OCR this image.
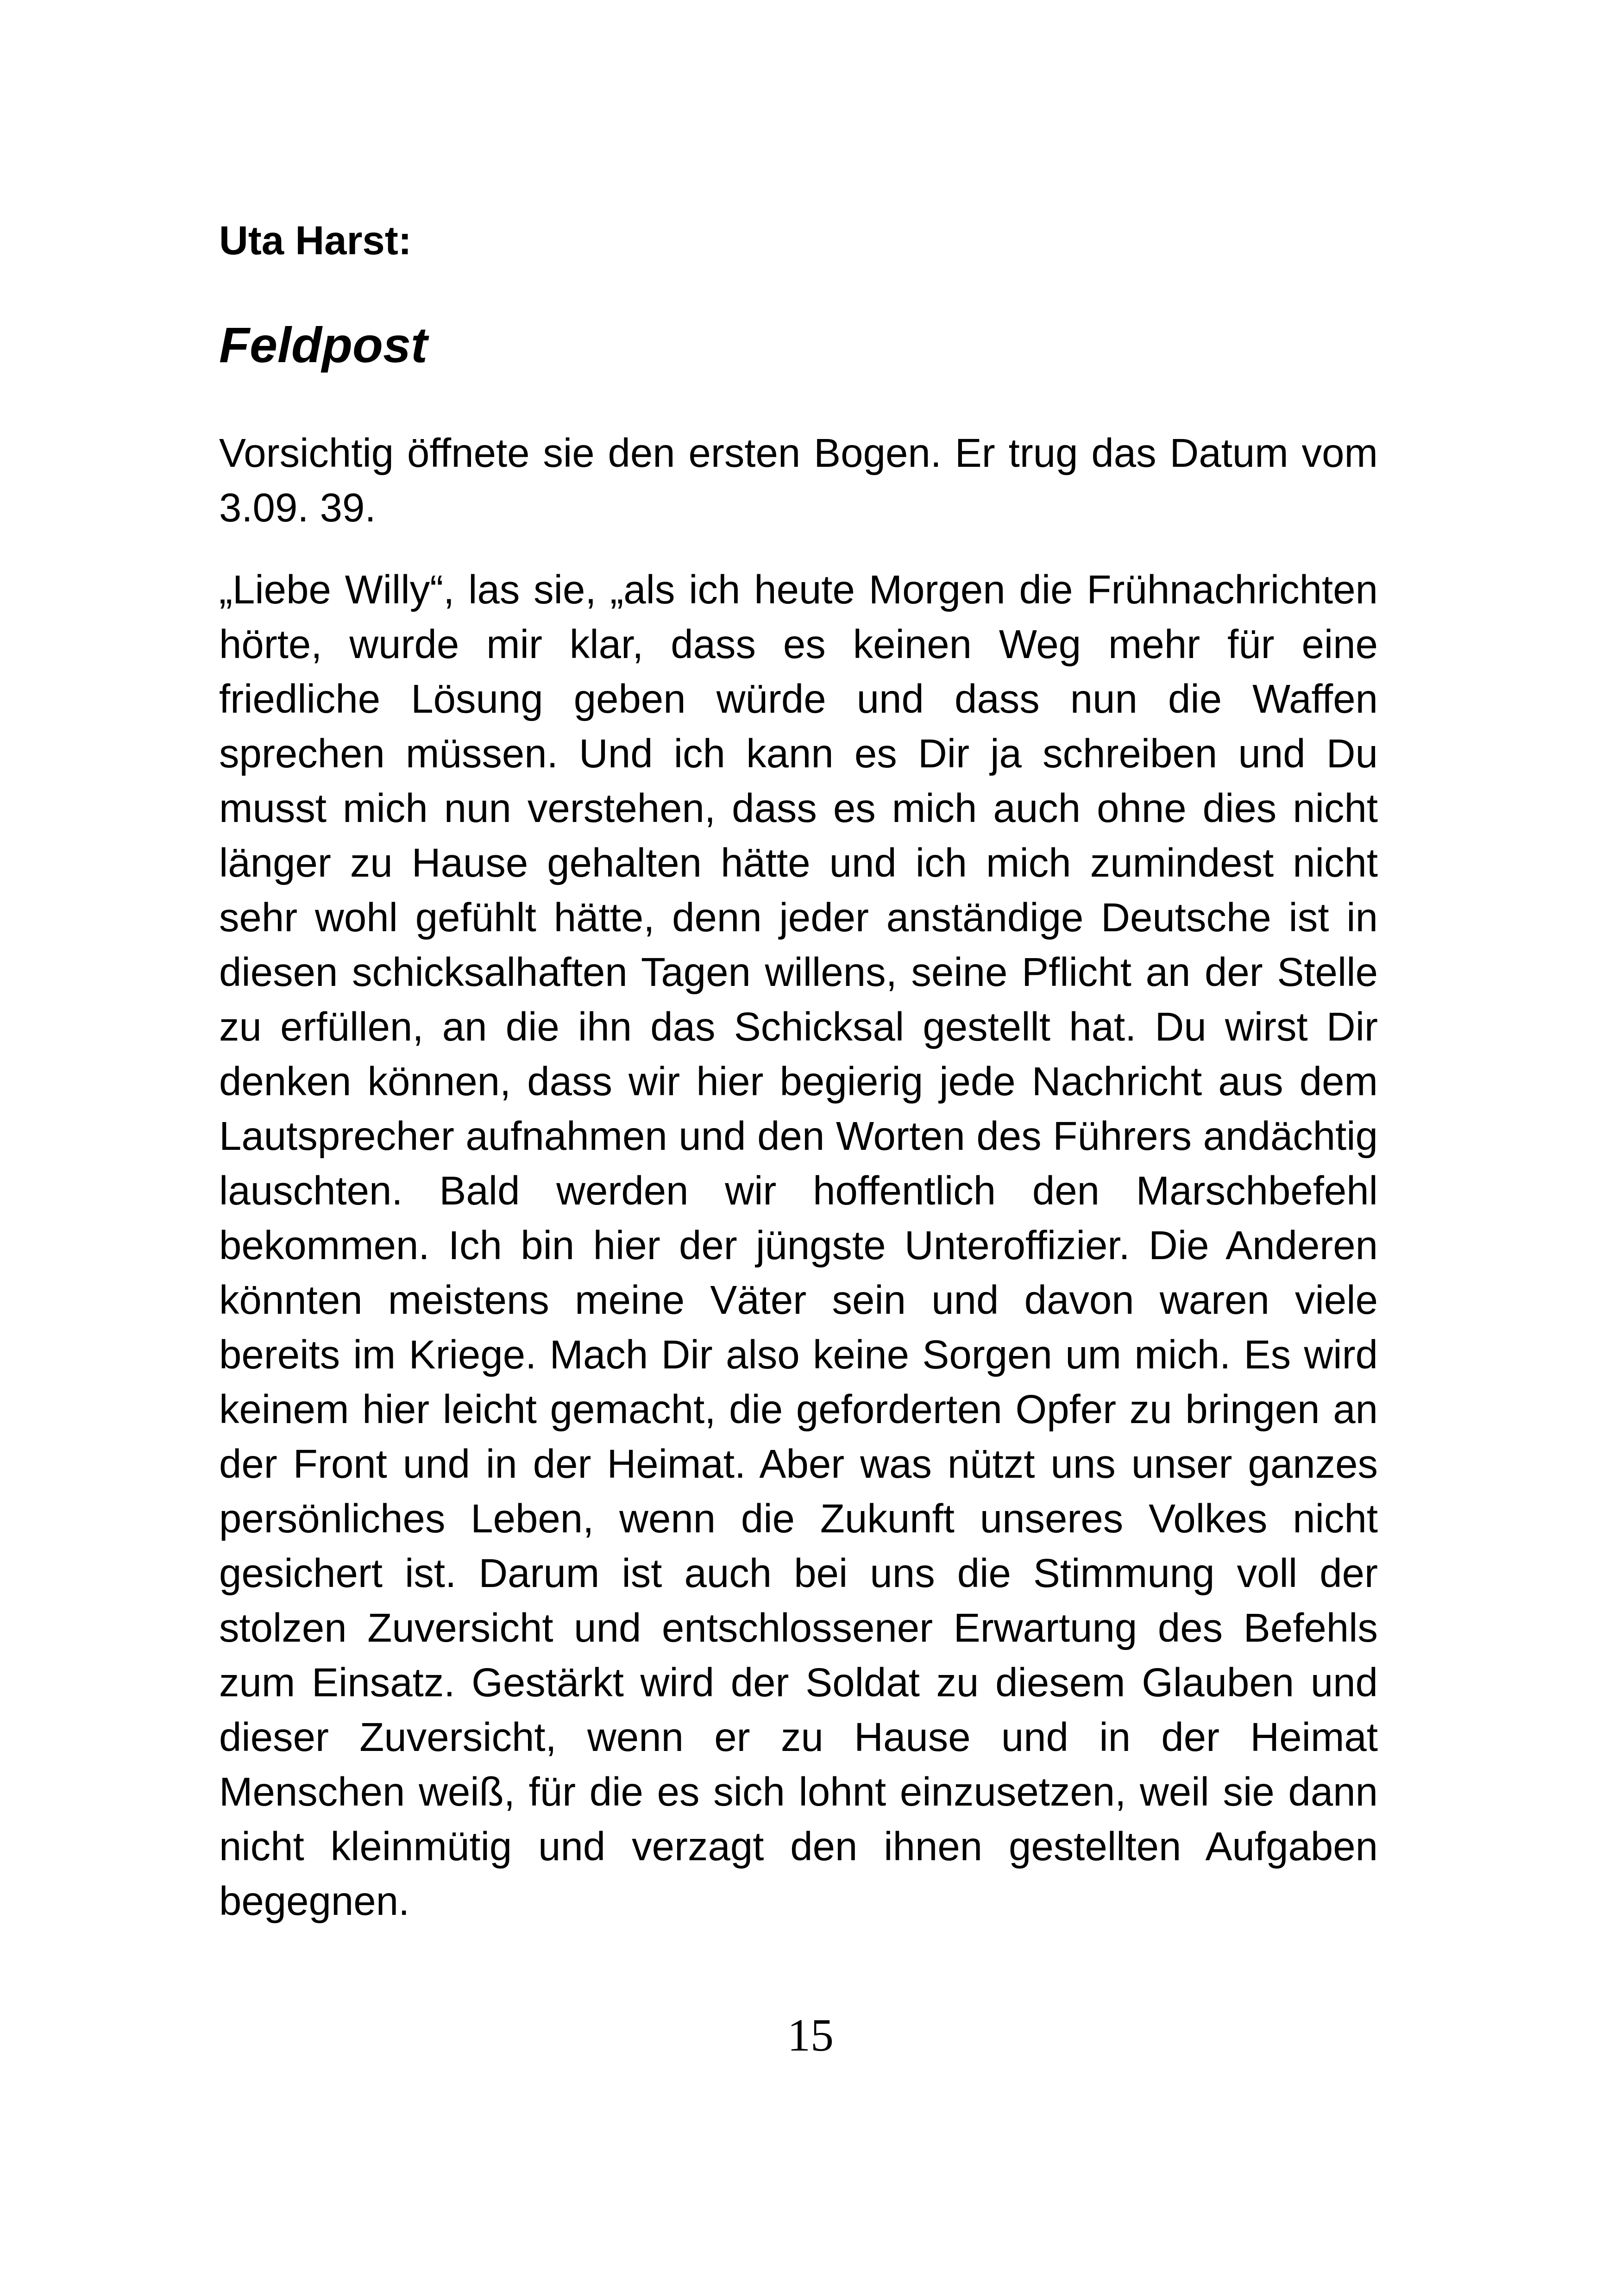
Uta Harst:
Feldpost

Vorsichtig öffnete sie den ersten Bogen. Er trug das Datum vom 3.09. 39.

„Liebe Willy“, las sie, „als ich heute Morgen die Frühnachrichten hörte, wurde mir klar, dass es keinen Weg mehr für eine friedliche Lösung geben würde und dass nun die Waffen sprechen müssen. Und ich kann es Dir ja schreiben und Du musst mich nun verstehen, dass es mich auch ohne dies nicht länger zu Hause gehalten hätte und ich mich zumindest nicht sehr wohl gefühlt hätte, denn jeder anständige Deutsche ist in diesen schicksalhaften Tagen willens, seine Pflicht an der Stelle zu erfüllen, an die ihn das Schicksal gestellt hat. Du wirst Dir denken können, dass wir hier begierig jede Nachricht aus dem Lautsprecher aufnahmen und den Worten des Führers andächtig lauschten. Bald werden wir hoffentlich den Marschbefehl bekommen. Ich bin hier der jüngste Unteroffizier. Die Anderen könnten meistens meine Väter sein und davon waren viele bereits im Kriege. Mach Dir also keine Sorgen um mich. Es wird keinem hier leicht gemacht, die geforderten Opfer zu bringen an der Front und in der Heimat. Aber was nützt uns unser ganzes persönliches Leben, wenn die Zukunft unseres Volkes nicht gesichert ist. Darum ist auch bei uns die Stimmung voll der stolzen Zuversicht und entschlossener Erwartung des Befehls zum Einsatz. Gestärkt wird der Soldat zu diesem Glauben und dieser Zuversicht, wenn er zu Hause und in der Heimat Menschen weiß, für die es sich lohnt einzusetzen, weil sie dann nicht kleinmütig und verzagt den ihnen gestellten Aufgaben begegnen.

15
